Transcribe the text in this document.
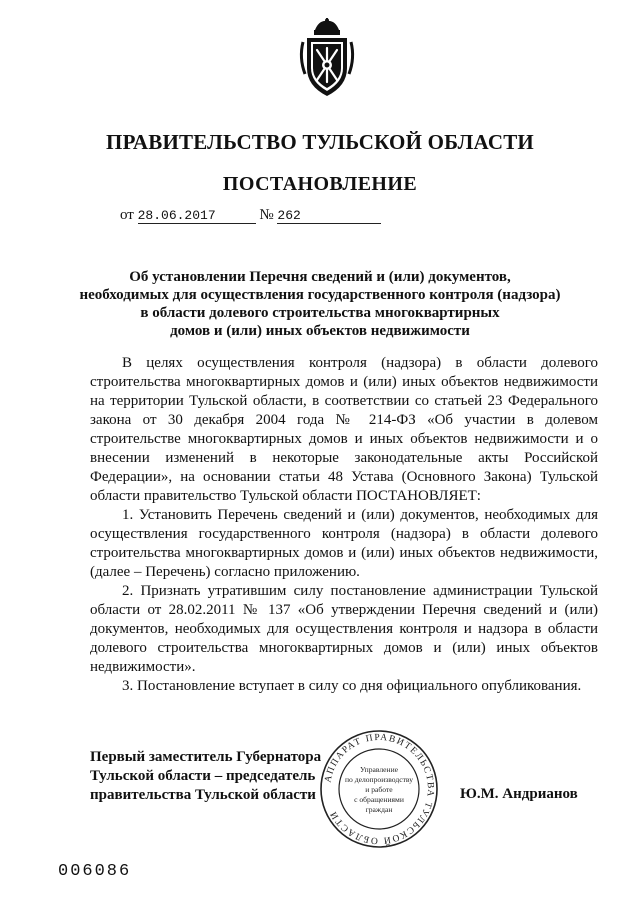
ПРАВИТЕЛЬСТВО ТУЛЬСКОЙ ОБЛАСТИ
ПОСТАНОВЛЕНИЕ
от 28.06.2017	№ 262
Об установлении Перечня сведений и (или) документов,
необходимых для осуществления государственного контроля (надзора)
в области долевого строительства многоквартирных
домов и (или) иных объектов недвижимости

В целях осуществления контроля (надзора) в области долевого строительства многоквартирных домов и (или) иных объектов недвижимости на территории Тульской области, в соответствии со статьей 23 Федерального закона от 30 декабря 2004 года № 214-ФЗ «Об участии в долевом строительстве многоквартирных домов и иных объектов недвижимости и о внесении изменений в некоторые законодательные акты Российской Федерации», на основании статьи 48 Устава (Основного Закона) Тульской области правительство Тульской области ПОСТАНОВЛЯЕТ:

1. Установить Перечень сведений и (или) документов, необходимых для осуществления государственного контроля (надзора) в области долевого строительства многоквартирных домов и (или) иных объектов недвижимости, (далее – Перечень) согласно приложению.

2. Признать утратившим силу постановление администрации Тульской области от 28.02.2011 № 137 «Об утверждении Перечня сведений и (или) документов, необходимых для осуществления контроля и надзора в области долевого строительства многоквартирных домов и (или) иных объектов недвижимости».

3. Постановление вступает в силу со дня официального опубликования.

Первый заместитель Губернатора
Тульской области – председатель
правительства Тульской области
АППАРАТ ПРАВИТЕЛЬСТВА ТУЛЬСКОЙ ОБЛАСТИ
Управление
по делопроизводству
и работе
с обращениями
граждан
Ю.М. Андрианов
006086
